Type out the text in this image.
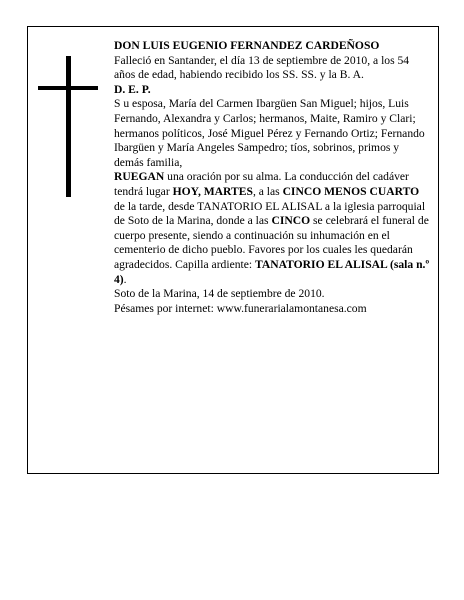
DON LUIS EUGENIO FERNANDEZ CARDEÑOSO

Falleció en Santander, el día 13 de septiembre de 2010, a los 54 años de edad, habiendo recibido los SS. SS. y la B. A.

D. E. P.

S u esposa, María del Carmen Ibargüen San Miguel; hijos, Luis Fernando, Alexandra y Carlos; hermanos, Maite, Ramiro y Clari; hermanos políticos, José Miguel Pérez y Fernando Ortiz; Fernando Ibargüen y María Angeles Sampedro; tíos, sobrinos, primos y demás familia,

RUEGAN una oración por su alma. La conducción del cadáver tendrá lugar HOY, MARTES, a las CINCO MENOS CUARTO de la tarde, desde TANATORIO EL ALISAL a la iglesia parroquial de Soto de la Marina, donde a las CINCO se celebrará el funeral de cuerpo presente, siendo a continuación su inhumación en el cementerio de dicho pueblo. Favores por los cuales les quedarán agradecidos. Capilla ardiente: TANATORIO EL ALISAL (sala n.º 4).

Soto de la Marina, 14 de septiembre de 2010.

Pésames por internet: www.funerarialamontanesa.com
